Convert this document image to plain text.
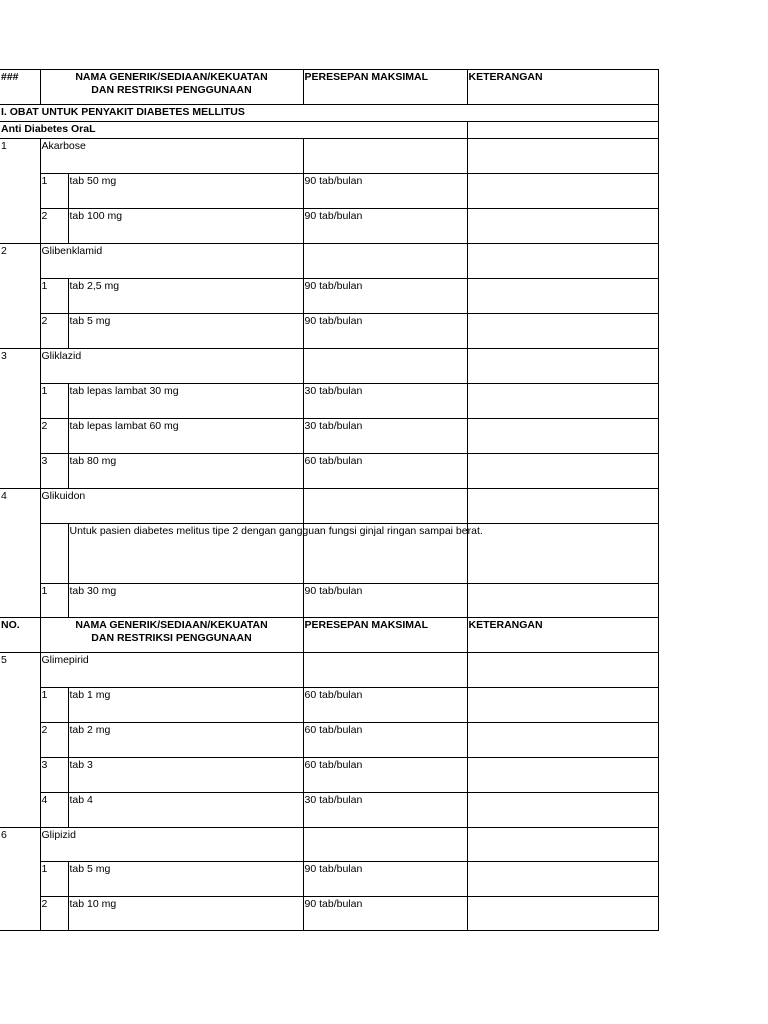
###	NAMA GENERIK/SEDIAAN/KEKUATAN
DAN RESTRIKSI PENGGUNAAN		PERESEPAN MAKSIMAL	KETERANGAN
I. OBAT UNTUK PENYAKIT DIABETES MELLITUS				
Anti Diabetes OraL				
1	Akarbose			
	1	tab 50 mg	90 tab/bulan	
	2	tab 100 mg	90 tab/bulan	
2	Glibenklamid			
	1	tab 2,5 mg	90 tab/bulan	
	2	tab 5 mg	90 tab/bulan	
3	Gliklazid			
	1	tab lepas lambat 30 mg	30 tab/bulan	
	2	tab lepas lambat 60 mg	30 tab/bulan	
	3	tab 80 mg	60 tab/bulan	
4	Glikuidon			
		Untuk pasien diabetes melitus tipe 2 dengan gangguan fungsi ginjal ringan sampai berat.		
	1	tab 30 mg	90 tab/bulan	
NO.	NAMA GENERIK/SEDIAAN/KEKUATAN
DAN RESTRIKSI PENGGUNAAN		PERESEPAN MAKSIMAL	KETERANGAN
5	Glimepirid			
	1	tab 1 mg	60 tab/bulan	
	2	tab 2 mg	60 tab/bulan	
	3	tab 3	60 tab/bulan	
	4	tab 4	30 tab/bulan	
6	Glipizid			
	1	tab 5 mg	90 tab/bulan	
	2	tab 10 mg	90 tab/bulan	
